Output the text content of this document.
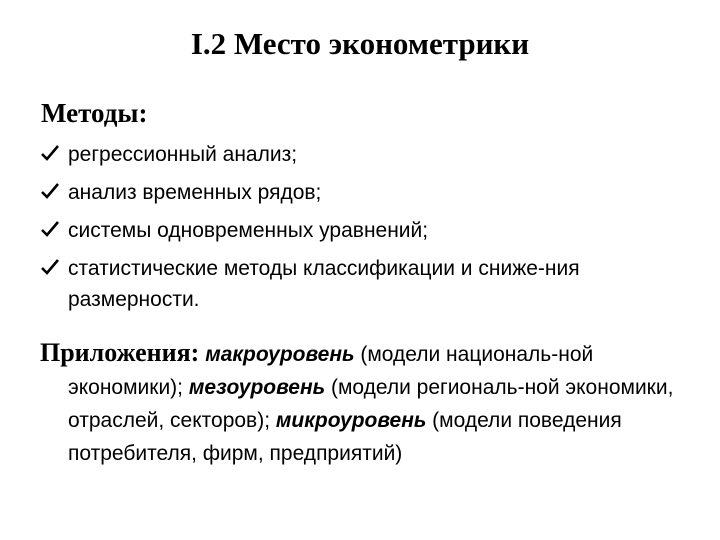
I.2 Место эконометрики
Методы:
регрессионный анализ;
анализ временных рядов;
системы одновременных уравнений;
статистические методы классификации и сниже-ния размерности.
Приложения: макроуровень (модели националь-ной экономики); мезоуровень (модели региональ-ной экономики, отраслей, секторов); микроуровень (модели поведения потребителя, фирм, предприятий)
